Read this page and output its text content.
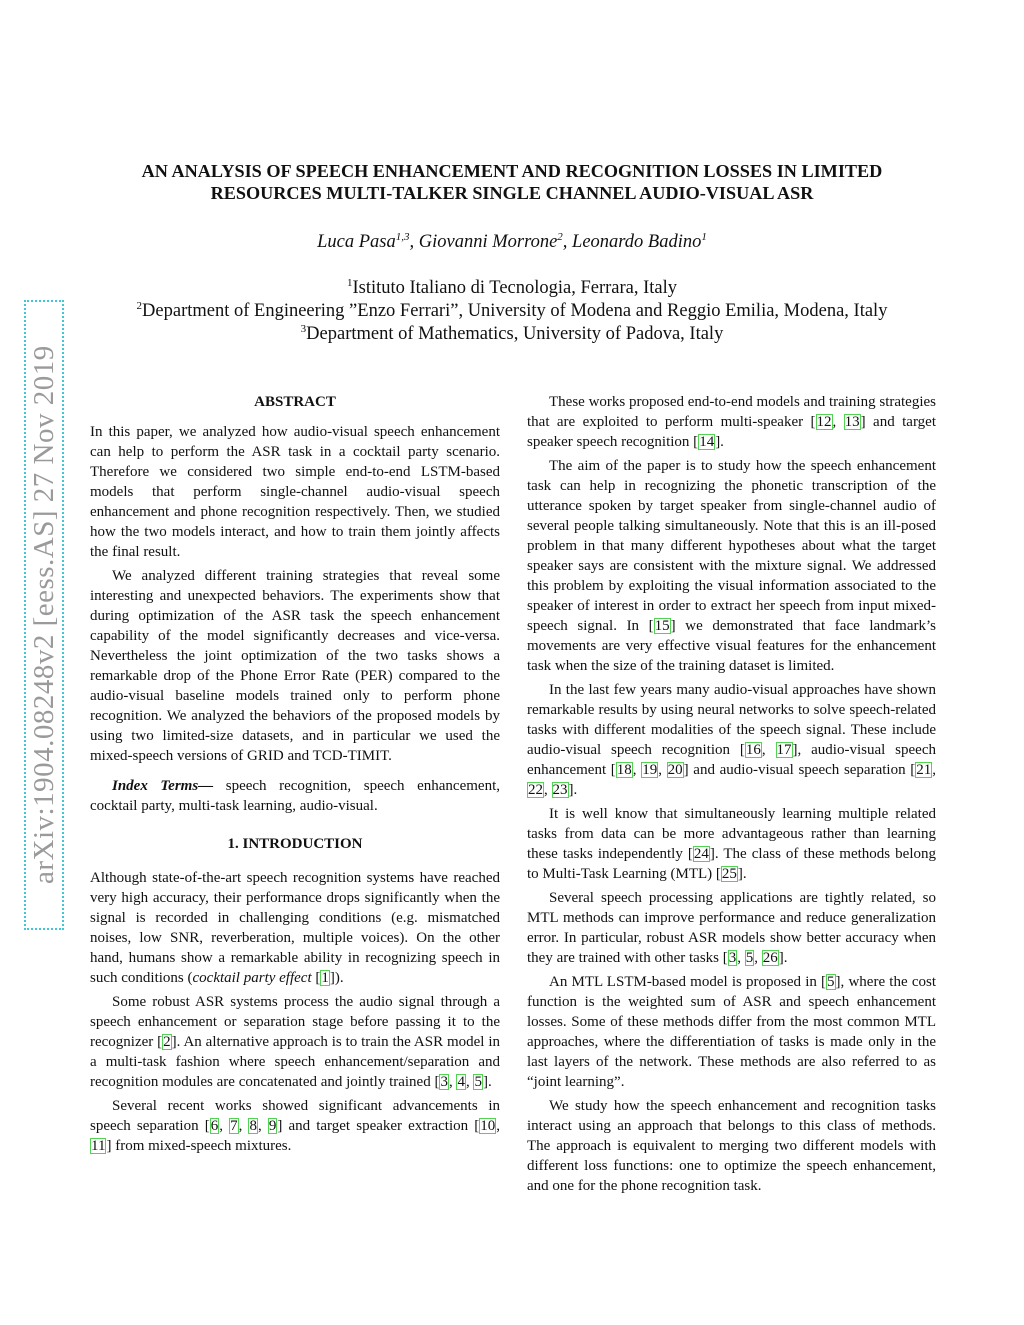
arXiv:1904.08248v2 [eess.AS] 27 Nov 2019
AN ANALYSIS OF SPEECH ENHANCEMENT AND RECOGNITION LOSSES IN LIMITED
RESOURCES MULTI-TALKER SINGLE CHANNEL AUDIO-VISUAL ASR
Luca Pasa$^{1,3}$, Giovanni Morrone$^2$, Leonardo Badino$^1$
$^1$Istituto Italiano di Tecnologia, Ferrara, Italy
$^2$Department of Engineering ”Enzo Ferrari”, University of Modena and Reggio Emilia, Modena, Italy
$^3$Department of Mathematics, University of Padova, Italy
ABSTRACT

In this paper, we analyzed how audio-visual speech enhancement can help to perform the ASR task in a cocktail party scenario. Therefore we considered two simple end-to-end LSTM-based models that perform single-channel audio-visual speech enhancement and phone recognition respectively. Then, we studied how the two models interact, and how to train them jointly affects the final result.

We analyzed different training strategies that reveal some interesting and unexpected behaviors. The experiments show that during optimization of the ASR task the speech enhancement capability of the model significantly decreases and vice-versa. Nevertheless the joint optimization of the two tasks shows a remarkable drop of the Phone Error Rate (PER) compared to the audio-visual baseline models trained only to perform phone recognition. We analyzed the behaviors of the proposed models by using two limited-size datasets, and in particular we used the mixed-speech versions of GRID and TCD-TIMIT.

Index Terms— speech recognition, speech enhancement, cocktail party, multi-task learning, audio-visual.

1. INTRODUCTION

Although state-of-the-art speech recognition systems have reached very high accuracy, their performance drops significantly when the signal is recorded in challenging conditions (e.g. mismatched noises, low SNR, reverberation, multiple voices). On the other hand, humans show a remarkable ability in recognizing speech in such conditions (cocktail party effect [1]).

Some robust ASR systems process the audio signal through a speech enhancement or separation stage before passing it to the recognizer [2]. An alternative approach is to train the ASR model in a multi-task fashion where speech enhancement/separation and recognition modules are concatenated and jointly trained [3, 4, 5].

Several recent works showed significant advancements in speech separation [6, 7, 8, 9] and target speaker extraction [10, 11] from mixed-speech mixtures.

These works proposed end-to-end models and training strategies that are exploited to perform multi-speaker [12, 13] and target speaker speech recognition [14].

The aim of the paper is to study how the speech enhancement task can help in recognizing the phonetic transcription of the utterance spoken by target speaker from single-channel audio of several people talking simultaneously. Note that this is an ill-posed problem in that many different hypotheses about what the target speaker says are consistent with the mixture signal. We addressed this problem by exploiting the visual information associated to the speaker of interest in order to extract her speech from input mixed-speech signal. In [15] we demonstrated that face landmark’s movements are very effective visual features for the enhancement task when the size of the training dataset is limited.

In the last few years many audio-visual approaches have shown remarkable results by using neural networks to solve speech-related tasks with different modalities of the speech signal. These include audio-visual speech recognition [16, 17], audio-visual speech enhancement [18, 19, 20] and audio-visual speech separation [21, 22, 23].

It is well know that simultaneously learning multiple related tasks from data can be more advantageous rather than learning these tasks independently [24]. The class of these methods belong to Multi-Task Learning (MTL) [25].

Several speech processing applications are tightly related, so MTL methods can improve performance and reduce generalization error. In particular, robust ASR models show better accuracy when they are trained with other tasks [3, 5, 26].

An MTL LSTM-based model is proposed in [5], where the cost function is the weighted sum of ASR and speech enhancement losses. Some of these methods differ from the most common MTL approaches, where the differentiation of tasks is made only in the last layers of the network. These methods are also referred to as “joint learning”.

We study how the speech enhancement and recognition tasks interact using an approach that belongs to this class of methods. The approach is equivalent to merging two different models with different loss functions: one to optimize the speech enhancement, and one for the phone recognition task.
